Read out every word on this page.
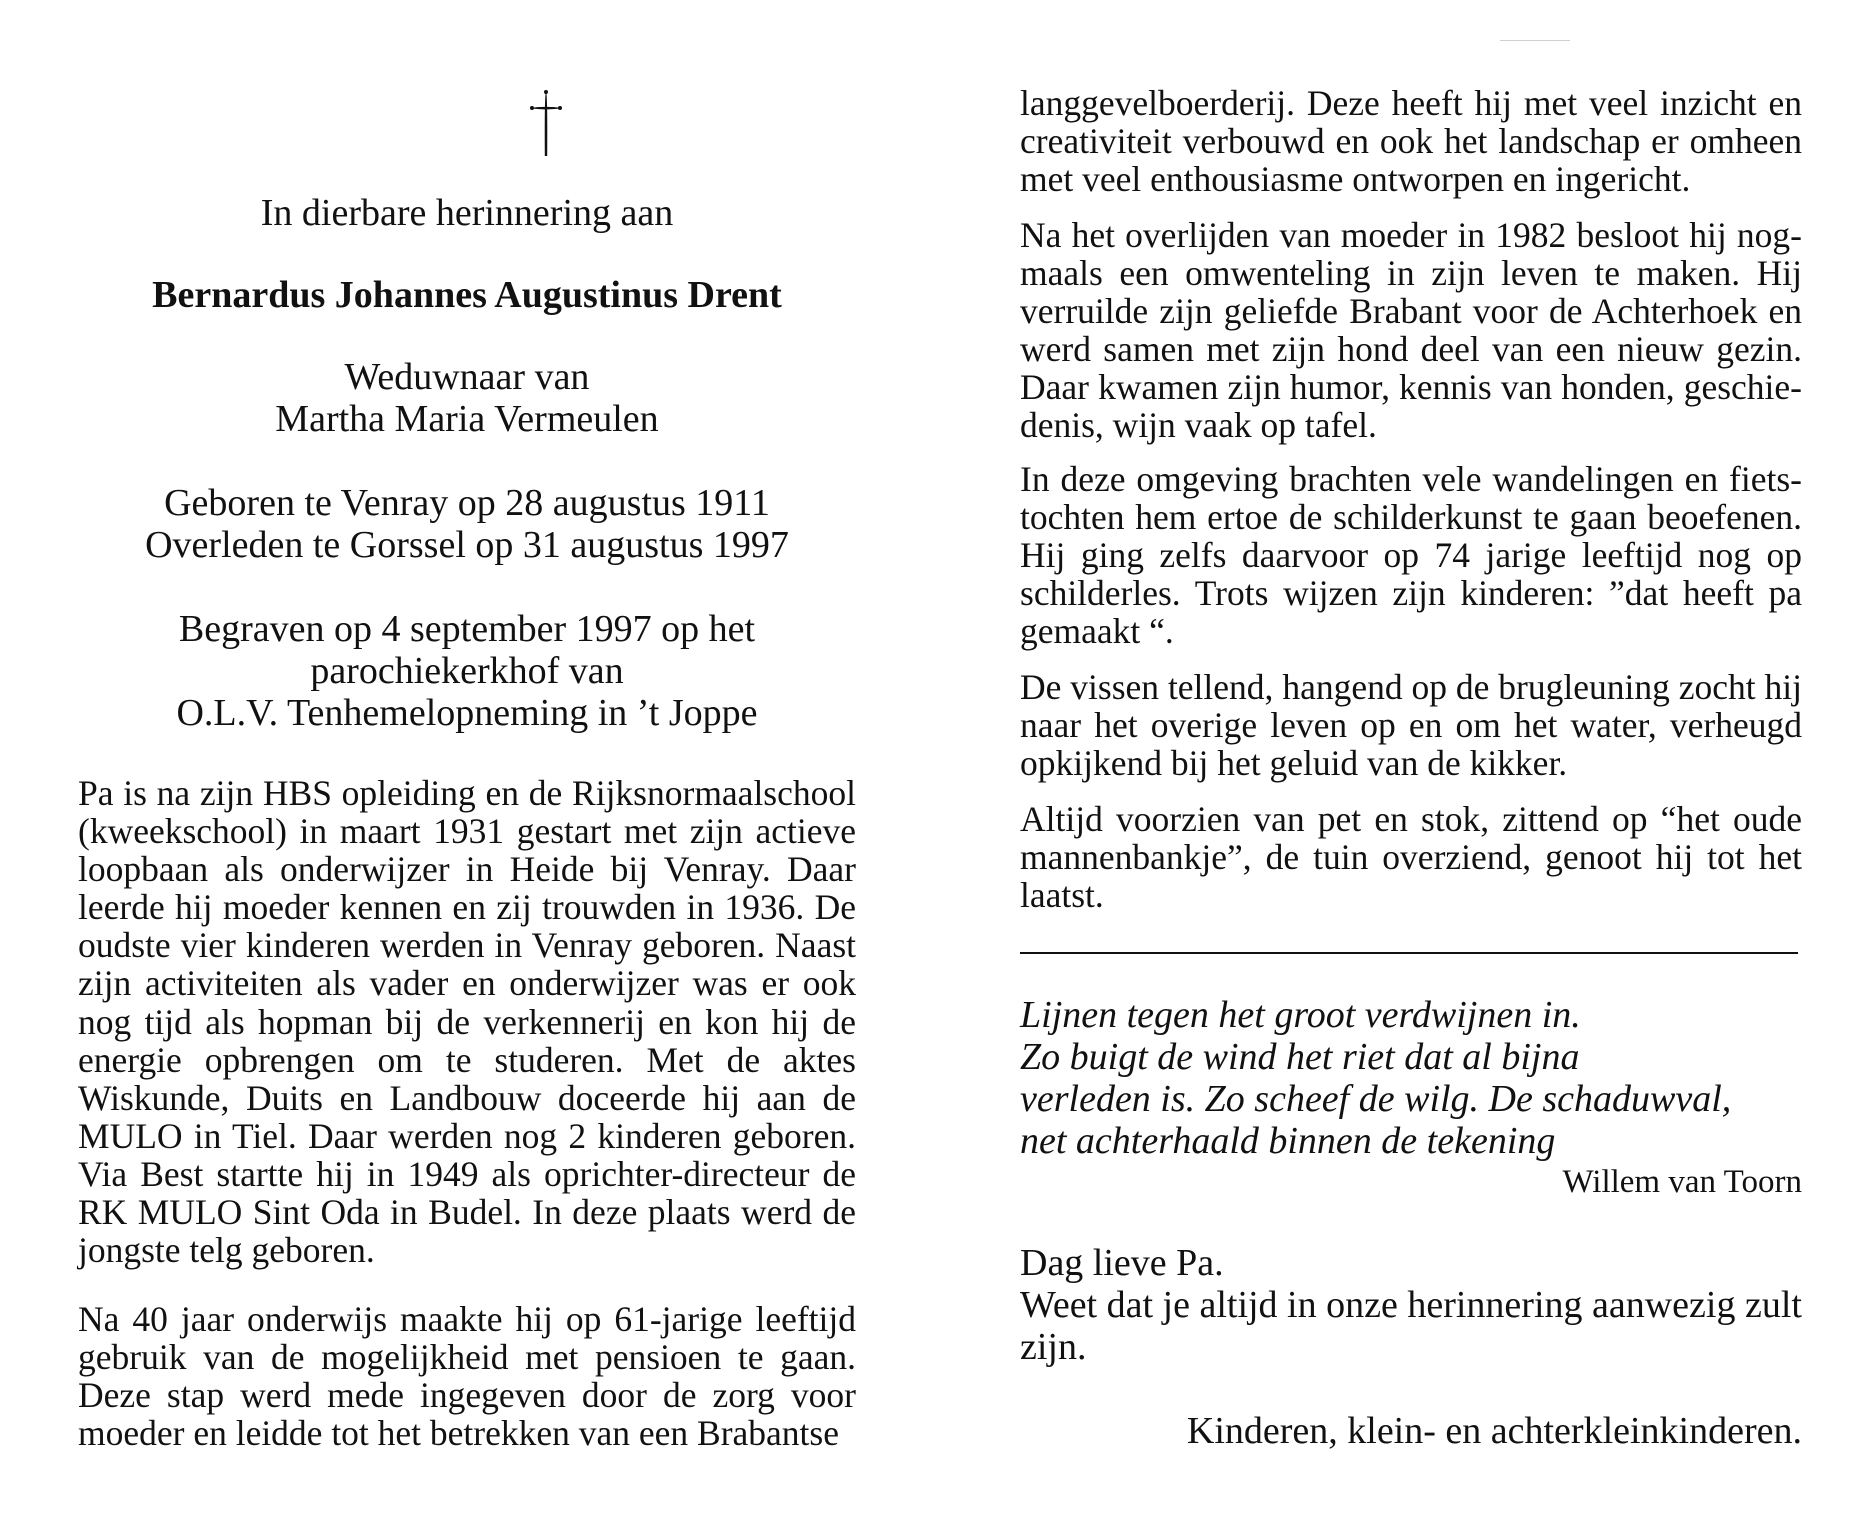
In dierbare herinnering aan
Bernardus Johannes Augustinus Drent
Weduwnaar van
Martha Maria Vermeulen
Geboren te Venray op 28 augustus 1911
Overleden te Gorssel op 31 augustus 1997
Begraven op 4 september 1997 op het
parochiekerkhof van
O.L.V. Tenhemelopneming in ’t Joppe

Pa is na zijn HBS opleiding en de Rijksnormaalschool (kweekschool) in maart 1931 gestart met zijn actieve loopbaan als onderwijzer in Heide bij Venray. Daar leerde hij moeder kennen en zij trouwden in 1936. De oudste vier kinderen werden in Venray geboren. Naast zijn activiteiten als vader en onderwijzer was er ook nog tijd als hopman bij de verkennerij en kon hij de energie opbrengen om te studeren. Met de aktes Wiskunde, Duits en Landbouw doceerde hij aan de MULO in Tiel. Daar werden nog 2 kinderen geboren. Via Best startte hij in 1949 als oprichter-directeur de RK MULO Sint Oda in Budel. In deze plaats werd de jongste telg geboren.

Na 40 jaar onderwijs maakte hij op 61-jarige leeftijd gebruik van de mogelijkheid met pensioen te gaan. Deze stap werd mede ingegeven door de zorg voor moeder en leidde tot het betrekken van een Brabantse

langgevelboerderij. Deze heeft hij met veel inzicht en creativiteit verbouwd en ook het landschap er omheen met veel enthousiasme ontworpen en ingericht.

Na het overlijden van moeder in 1982 besloot hij nogmaals een omwenteling in zijn leven te maken. Hij verruilde zijn geliefde Brabant voor de Achterhoek en werd samen met zijn hond deel van een nieuw gezin. Daar kwamen zijn humor, kennis van honden, geschiedenis, wijn vaak op tafel.

In deze omgeving brachten vele wandelingen en fietstochten hem ertoe de schilderkunst te gaan beoefenen. Hij ging zelfs daarvoor op 74 jarige leeftijd nog op schilderles. Trots wijzen zijn kinderen: ”dat heeft pa gemaakt “.

De vissen tellend, hangend op de brugleuning zocht hij naar het overige leven op en om het water, verheugd opkijkend bij het geluid van de kikker.

Altijd voorzien van pet en stok, zittend op “het oude mannenbankje”, de tuin overziend, genoot hij tot het laatst.

Lijnen tegen het groot verdwijnen in.
Zo buigt de wind het riet dat al bijna
verleden is. Zo scheef de wilg. De schaduwval,
net achterhaald binnen de tekening
Willem van Toorn
Dag lieve Pa.
Weet dat je altijd in onze herinnering aanwezig zult zijn.
Kinderen, klein- en achterkleinkinderen.
